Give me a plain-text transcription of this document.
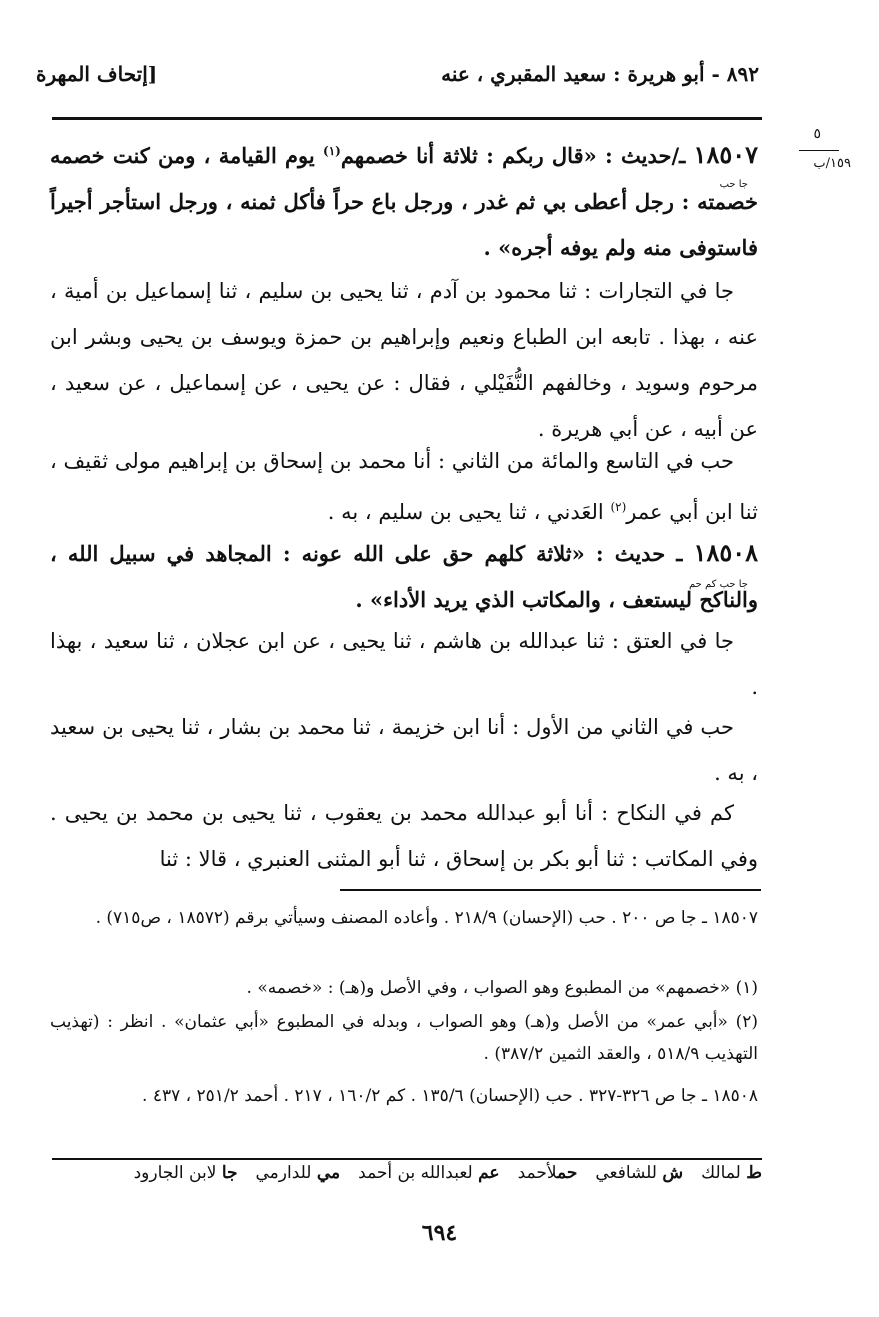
٨٩٢ - أبو هريرة : سعيد المقبري ، عنه
[إتحاف المهرة
٥
١٥٩/ب
١٨٥٠٧ ـ/حديث : «قال ربكم : ثلاثة أنا خصمهم$^{(١)}$ يوم القيامة ، ومن كنت خصمه خصمته : رجل أعطى بي ثم غدر ، ورجل باع حراً فأكل ثمنه ، ورجل استأجر أجيراً فاستوفى منه ولم يوفه أجره» .
جا حب
جا في التجارات : ثنا محمود بن آدم ، ثنا يحيى بن سليم ، ثنا إسماعيل بن أمية ، عنه ، بهذا . تابعه ابن الطباع ونعيم وإبراهيم بن حمزة ويوسف بن يحيى وبشر ابن مرحوم وسويد ، وخالفهم النُّفَيْلي ، فقال : عن يحيى ، عن إسماعيل ، عن سعيد ، عن أبيه ، عن أبي هريرة .
حب في التاسع والمائة من الثاني : أنا محمد بن إسحاق بن إبراهيم مولى ثقيف ، ثنا ابن أبي عمر$^{(٢)}$ العَدني ، ثنا يحيى بن سليم ، به .
١٨٥٠٨ ـ حديث : «ثلاثة كلهم حق على الله عونه : المجاهد في سبيل الله ، والناكح ليستعف ، والمكاتب الذي يريد الأداء» .
جا حب كم حم
جا في العتق : ثنا عبدالله بن هاشم ، ثنا يحيى ، عن ابن عجلان ، ثنا سعيد ، بهذا .
حب في الثاني من الأول : أنا ابن خزيمة ، ثنا محمد بن بشار ، ثنا يحيى بن سعيد ، به .
كم في النكاح : أنا أبو عبدالله محمد بن يعقوب ، ثنا يحيى بن محمد بن يحيى . وفي المكاتب : ثنا أبو بكر بن إسحاق ، ثنا أبو المثنى العنبري ، قالا : ثنا
١٨٥٠٧ ـ جا ص ٢٠٠ . حب (الإحسان) ٢١٨/٩ . وأعاده المصنف وسيأتي برقم (١٨٥٧٢ ، ص٧١٥) .
(١) «خصمهم» من المطبوع وهو الصواب ، وفي الأصل و(هـ) : «خصمه» .
(٢) «أبي عمر» من الأصل و(هـ) وهو الصواب ، وبدله في المطبوع «أبي عثمان» . انظر : (تهذيب التهذيب ٥١٨/٩ ، والعقد الثمين ٣٨٧/٢) .
١٨٥٠٨ ـ جا ص ٣٢٦-٣٢٧ . حب (الإحسان) ١٣٥/٦ . كم ١٦٠/٢ ، ٢١٧ . أحمد ٢٥١/٢ ، ٤٣٧ .
ط لمالك
ش للشافعي
حملأحمد
عم لعبدالله بن أحمد
مي للدارمي
جا لابن الجارود
٦٩٤
